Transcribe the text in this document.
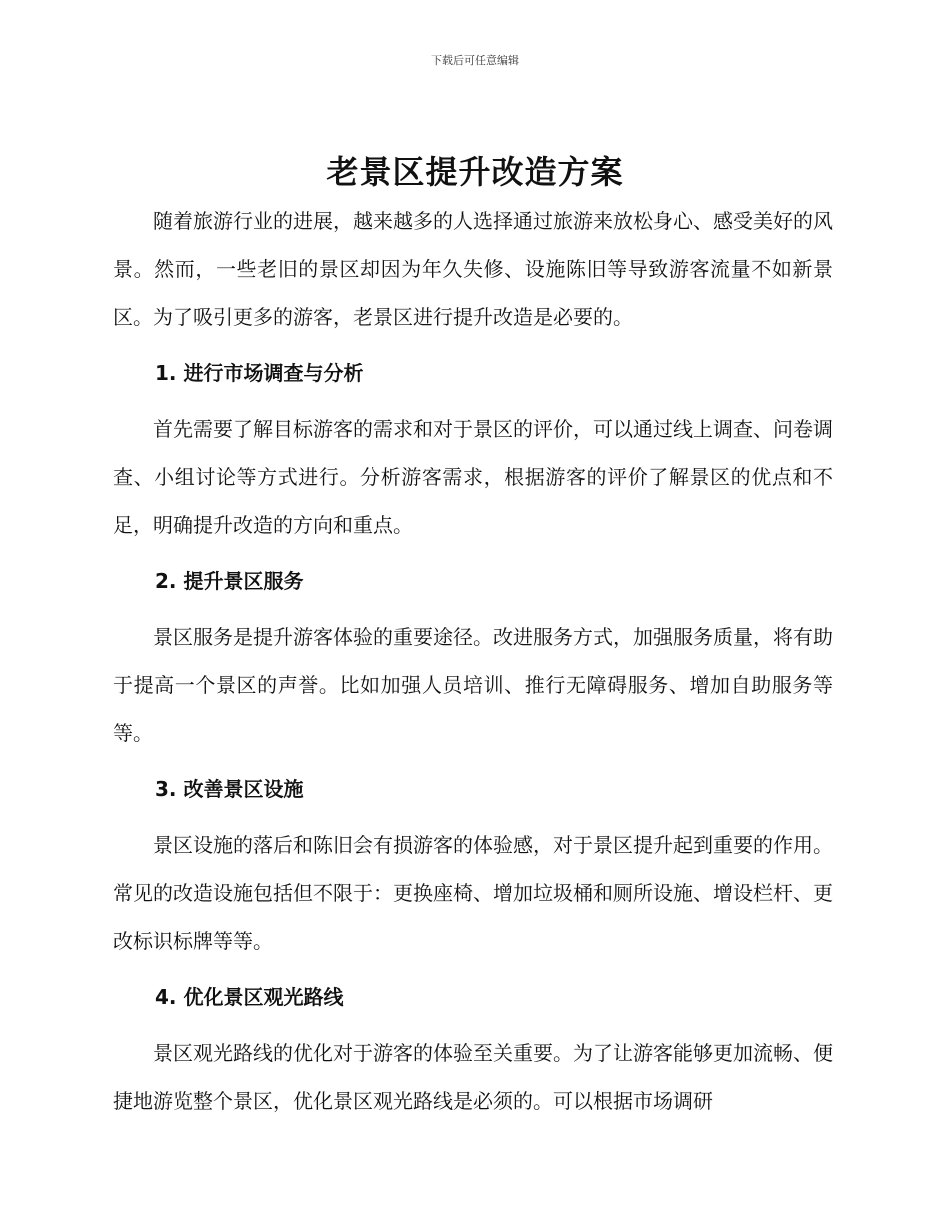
下载后可任意编辑
老景区提升改造方案

随着旅游行业的进展，越来越多的人选择通过旅游来放松身心、感受美好的风景。然而，一些老旧的景区却因为年久失修、设施陈旧等导致游客流量不如新景区。为了吸引更多的游客，老景区进行提升改造是必要的。

1. 进行市场调查与分析

首先需要了解目标游客的需求和对于景区的评价，可以通过线上调查、问卷调查、小组讨论等方式进行。分析游客需求，根据游客的评价了解景区的优点和不足，明确提升改造的方向和重点。

2. 提升景区服务

景区服务是提升游客体验的重要途径。改进服务方式，加强服务质量，将有助于提高一个景区的声誉。比如加强人员培训、推行无障碍服务、增加自助服务等等。

3. 改善景区设施

景区设施的落后和陈旧会有损游客的体验感，对于景区提升起到重要的作用。常见的改造设施包括但不限于：更换座椅、增加垃圾桶和厕所设施、增设栏杆、更改标识标牌等等。

4. 优化景区观光路线

景区观光路线的优化对于游客的体验至关重要。为了让游客能够更加流畅、便捷地游览整个景区，优化景区观光路线是必须的。可以根据市场调研
